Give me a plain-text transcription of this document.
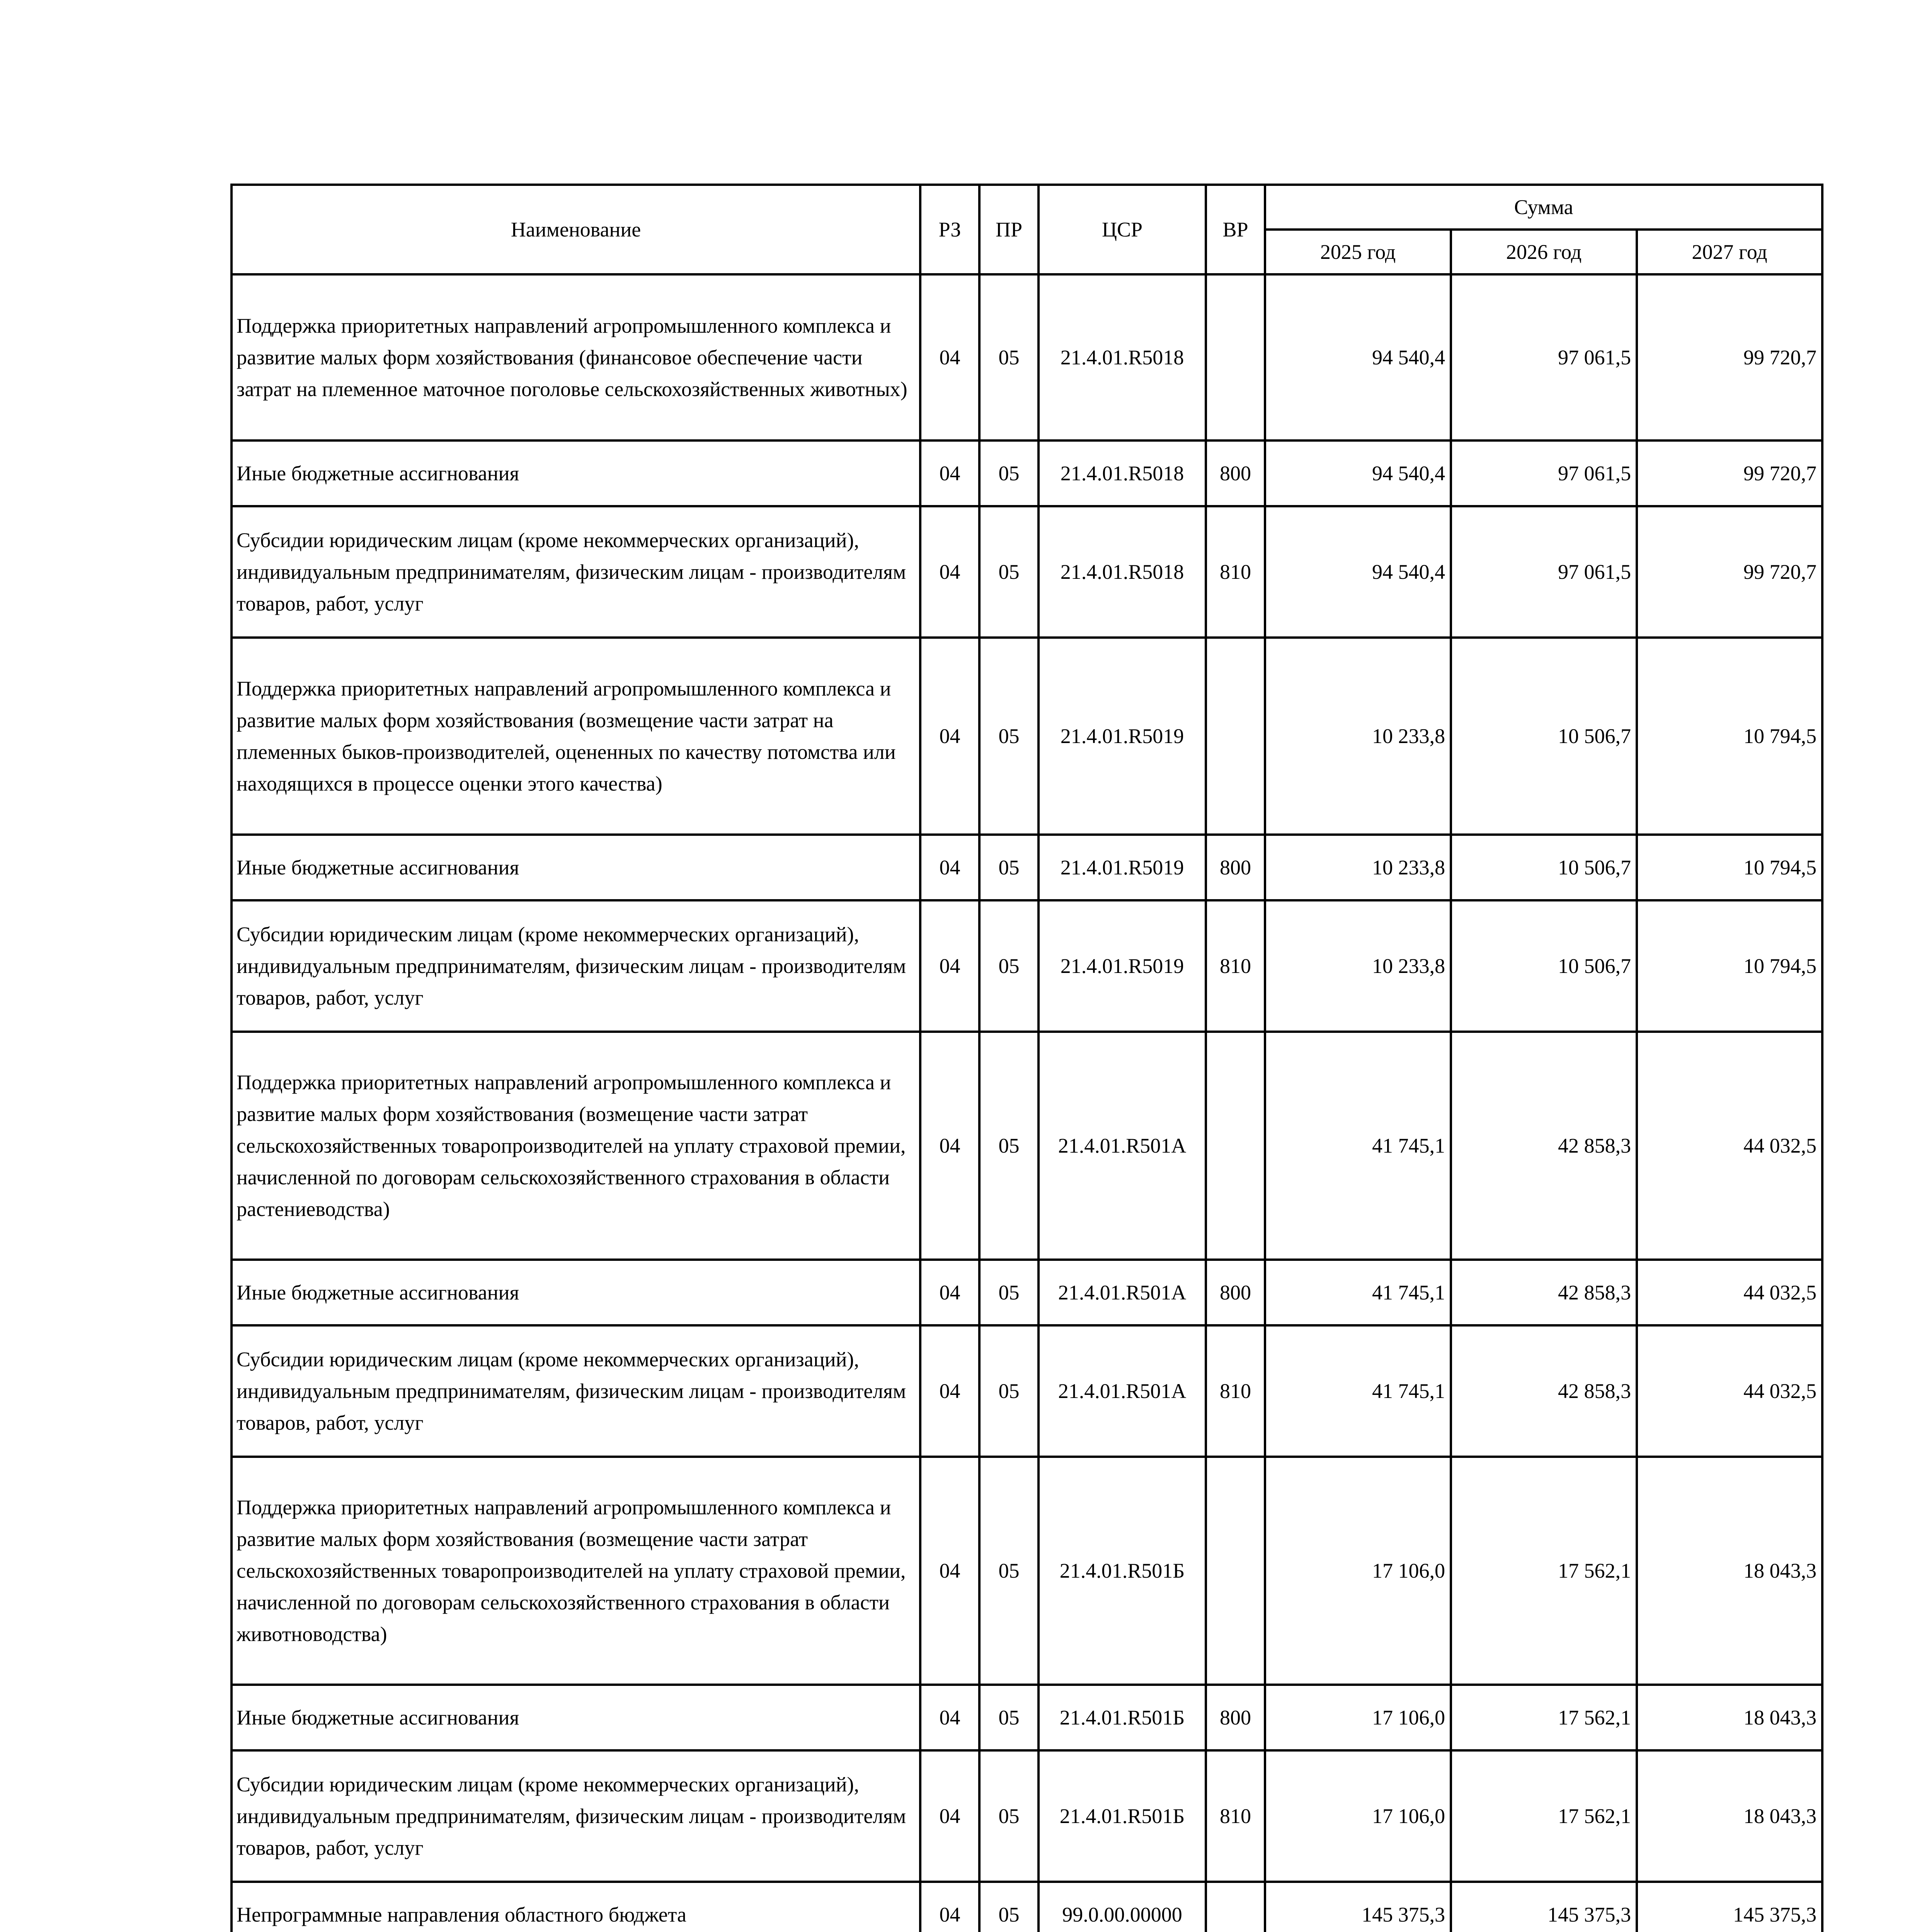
Наименование	РЗ	ПР	ЦСР	ВР	Сумма		
					2025 год	2026 год	2027 год
Поддержка приоритетных направлений агропромышленного комплекса и развитие малых форм хозяйствования (финансовое обеспечение части затрат на племенное маточное поголовье сельскохозяйственных животных)	04	05	21.4.01.R5018		94 540,4	97 061,5	99 720,7
Иные бюджетные ассигнования	04	05	21.4.01.R5018	800	94 540,4	97 061,5	99 720,7
Субсидии юридическим лицам (кроме некоммерческих организаций), индивидуальным предпринимателям, физическим лицам - производителям товаров, работ, услуг	04	05	21.4.01.R5018	810	94 540,4	97 061,5	99 720,7
Поддержка приоритетных направлений агропромышленного комплекса и развитие малых форм хозяйствования (возмещение части затрат на племенных быков-производителей, оцененных по качеству потомства или находящихся в процессе оценки этого качества)	04	05	21.4.01.R5019		10 233,8	10 506,7	10 794,5
Иные бюджетные ассигнования	04	05	21.4.01.R5019	800	10 233,8	10 506,7	10 794,5
Субсидии юридическим лицам (кроме некоммерческих организаций), индивидуальным предпринимателям, физическим лицам - производителям товаров, работ, услуг	04	05	21.4.01.R5019	810	10 233,8	10 506,7	10 794,5
Поддержка приоритетных направлений агропромышленного комплекса и развитие малых форм хозяйствования (возмещение части затрат сельскохозяйственных товаропроизводителей на уплату страховой премии, начисленной по договорам сельскохозяйственного страхования в области растениеводства)	04	05	21.4.01.R501А		41 745,1	42 858,3	44 032,5
Иные бюджетные ассигнования	04	05	21.4.01.R501А	800	41 745,1	42 858,3	44 032,5
Субсидии юридическим лицам (кроме некоммерческих организаций), индивидуальным предпринимателям, физическим лицам - производителям товаров, работ, услуг	04	05	21.4.01.R501А	810	41 745,1	42 858,3	44 032,5
Поддержка приоритетных направлений агропромышленного комплекса и развитие малых форм хозяйствования (возмещение части затрат сельскохозяйственных товаропроизводителей на уплату страховой премии, начисленной по договорам сельскохозяйственного страхования в области животноводства)	04	05	21.4.01.R501Б		17 106,0	17 562,1	18 043,3
Иные бюджетные ассигнования	04	05	21.4.01.R501Б	800	17 106,0	17 562,1	18 043,3
Субсидии юридическим лицам (кроме некоммерческих организаций), индивидуальным предпринимателям, физическим лицам - производителям товаров, работ, услуг	04	05	21.4.01.R501Б	810	17 106,0	17 562,1	18 043,3
Непрограммные направления областного бюджета	04	05	99.0.00.00000		145 375,3	145 375,3	145 375,3
